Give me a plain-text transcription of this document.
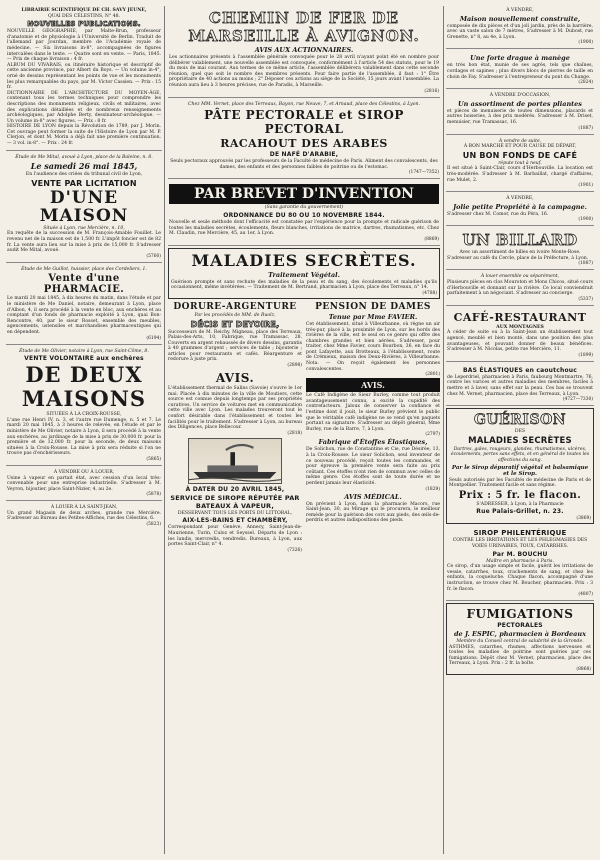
LIBRAIRIE SCIENTIFIQUE DE CH. SAVY JEUNE,

QUAI DES CÉLESTINS, N° 48.

NOUVELLES PUBLICATIONS.

NOUVELLE GÉOGRAPHIE, par Malte-Brun, professeur d'anatomie et de physiologie à l'Université de Berlin. Traduit de l'allemand par Jourdan, membre de l'Académie royale de médecine. — Six livraisons in-8°, accompagnées de figures intercalées dans le texte. — Quatre sont en vente. — Paris, 1845. — Prix de chaque livraison : 4 fr.

ALBUM DU VIVARAIS, ou itinéraire historique et descriptif de cette ancienne province, par Albert du Boys. — Un volume in-4°, orné de dessins représentant les points de vue et les monuments les plus remarquables du pays, par M. Victor Cassien. — Prix : 15 fr.

DICTIONNAIRE DE L'ARCHITECTURE DU MOYEN-ÂGE, contenant tous les termes techniques pour comprendre les descriptions des monuments religieux, civils et militaires, avec des explications détaillées et de nombreux renseignements archéologiques, par Adolphe Berty, dessinateur-archéologue. — Un volume in-8° avec figures. — Prix : 8 fr.

HISTOIRE DE LYON depuis la Révolution de 1789, par J. Morin. Cet ouvrage peut former la suite de l'Histoire de Lyon par M. P. Clerjon, et dont M. Morin a déjà fait une première continuation. — 3 vol. in-8°. — Prix : 24 fr.

Étude de Me Mital, avoué à Lyon, place de la Baleine, n. 8.

Le samedi 26 mai 1845,

En l'audience des criées du tribunal civil de Lyon,

VENTE PAR LICITATION

D'UNE MAISON

Située à Lyon, rue Mercière, n. 10,

En requête de la succession de M. François-Amable Fouillet. Le revenu net de la maison est de 1,500 fr. L'impôt foncier est de 82 fr. La vente aura lieu sur la mise à prix de 15,000 fr. S'adresser audit Me Mital, avoué.

(5760)

Étude de Me Guillot, huissier, place des Cordeliers, 1.

Vente d'une PHARMACIE.

Le mardi 20 mai 1845, à dix heures du matin, dans l'étude et par le ministère de Me Daniel, notaire, demeurant à Lyon, place d'Albon, 4, il sera procédé à la vente en bloc, aux enchères et au comptant d'un fonds de pharmacie exploité à Lyon, quai Bon-Rencontre, 40, par le sieur Rosset, ensemble des meubles, agencements, ustensiles et marchandises pharmaceutiques qui en dépendent.

(6194)

Étude de Me Olivier, notaire à Lyon, rue Saint-Côme, 8.

VENTE VOLONTAIRE aux enchères

DE DEUX MAISONS

SITUÉES À LA CROIX-ROUSSE,

L'une rue Henri IV, n. 3, et l'autre rue Dumenge, n. 5 et 7. Le mardi 20 mai 1845, à 3 heures de relevée, en l'étude et par le ministère de Me Olivier, notaire à Lyon, il sera procédé à la vente aux enchères, au jardinage de la mise à prix de 30,000 fr. pour la première et de 12,000 fr. pour la seconde, de deux maisons situées à la Croix-Rousse. La mise à prix sera réduite si l'on ne trouve pas d'enchérisseurs.

(5865)

À VENDRE OU À LOUER,

Usine à vapeur en partait état, avec cession d'un local très-convenable pour une entreprise industrielle. S'adresser à M. Veyron, bijoutier, place Saint-Nizier, 4, au 2e.

(5878)

À LOUER À LA SAINT-JEAN,

Un grand Magasin de deux arches, grande rue Mercière. S'adresser au Bureau des Petites-Affiches, rue des Célestins, 6.

(5823)

CHEMIN DE FER DE MARSEILLE À AVIGNON.

AVIS AUX ACTIONNAIRES.

Les actionnaires présents à l'assemblée générale convoquée pour le 28 avril n'ayant point été en nombre pour délibérer valablement, une nouvelle assemblée est convoquée, conformément à l'article 54 des statuts, pour le 19 du mois de mai courant. Aux termes de ce même article, l'assemblée délibérera valablement dans cette seconde réunion, quel que soit le nombre des membres présents. Pour faire partie de l'assemblée, il faut : 1° Être propriétaire de 40 actions au moins ; 2° Déposer ces actions au siège de la Société, 15 jours avant l'assemblée. La réunion aura lieu à 3 heures précises, rue de Paradis, à Marseille.

(2816)

Chez MM. Vernet, place des Terreaux, Bayon, rue Neuve, 7, et Arnaud, place des Célestins, à Lyon.

PÂTE PECTORALE et SIROP PECTORAL

RACAHOUT DES ARABES

DE NAFÉ D'ARABIE,

Seuls pectoraux approuvés par les professeurs de la Faculté de médecine de Paris. Aliment des convalescents, des dames, des enfants et des personnes faibles de poitrine ou de l'estomac.

(1747—7352)

PAR BREVET D'INVENTION

(Sans garantie du gouvernement)

ORDONNANCE DU 80 OU 10 NOVEMBRE 1844.

Nouvelle et seule méthode dont l'efficacité est constatée par l'expérience pour la prompte et radicale guérison de toutes les maladies secrètes, écoulements, fleurs blanches, irritations de matrice, dartres, rhumatismes, etc. Chez M. Claudin, rue Mercière, 45, au 1er, à Lyon.

(8869)

MALADIES SECRÈTES.

Traitement Végétal.

Guérison prompte et sans rechute des maladies de la peau et du sang, des écoulements et maladies qu'ils occasionnent, même invétérées. — Traitement de M. Bertrand, pharmacien à Lyon, place des Terreaux, n° 14.

(4788)

DORURE-ARGENTURE

Par les procédés de MM. de Ruolz,

DÉCIS ET DEYOIRE,

Successeurs de M. Reichy. Migneau, place des Terreaux, Palais-des-Arts, 10, Fabrique, rue Tramassac, 28. Couverts en argent rehaussés de divers dessins, garantis à 40 grammes d'argent ; services de table ; bijouterie ; articles pour restaurants et cafés. Réargenture et redorure à juste prix.

(2898)

AVIS.

L'établissement thermal de Salins (Savoie) s'ouvre le 1er mai. Placée à dix minutes de la ville de Moutiers, cette source est connue depuis longtemps par ses propriétés curatives. Un service de voitures met en communication cette ville avec Lyon. Les malades trouveront tout le confort désirable dans l'établissement et toutes les facilités pour le traitement. S'adresser à Lyon, au bureau des Diligences, place Bellecour.

(2818)

À DATER DU 20 AVRIL 1845,

SERVICE DE SIROPE RÉPUTÉE PAR BATEAUX À VAPEUR,

DESSERVANT TOUS LES PORTS DU LITTORAL,

AIX-LES-BAINS ET CHAMBÉRY,

Correspondant pour Genève, Annecy, Saint-Jean-de-Maurienne, Turin, Culoz et Seyssel. Départs de Lyon : les lundis, mercredis, vendredis. Bureaux, à Lyon, aux portes Saint-Clair, n° 4.

(7326)

PENSION DE DAMES

Tenue par Mme FAVIER.

Cet établissement, situé à Villeurbanne, où règne un air très-pur, placé à la proximité de Lyon, sur les bords des rivières de la ville, est le seul en ce genre qui offre des chambres grandes et bien aérées. S'adresser, pour traiter, chez Mme Favier, cours Bourbon, 36, en face du pont Lafayette, aux Brotteaux, à l'établissement, route de Crémieux, maison des Deux-Rivières, à Villeurbanne. Nota. — On reçoit également les personnes convalescentes.

(2801)

AVIS.

Le Café Indigène de Sieur Burley, comme tout produit avantageusement connu, a excité la cupidité des contrefacteurs. Jaloux de conserver la confiance et l'estime dont il jouit, le sieur Burley prévient le public que le véritable café indigène ne se vend qu'en paquets portant sa signature. S'adresser au dépôt général, Mme Burley, rue de la Barre, 7, à Lyon.

(2797)

Fabrique d'Étoffes Élastiques,

De Solichon, rue de Constantine et Cie, rue Désirée, 13, à la Croix-Rousse. Le sieur Solichon, seul inventeur de ce nouveau procédé, reçoit toutes les commandes, et pour épreuve la première vente sera faite au prix coûtant. Ces étoffes n'ont rien de commun avec celles de même genre. Ces étoffes sont de toute durée et ne perdent jamais leur élasticité.

(1829)

AVIS MÉDICAL.

On prévient à Lyon, dans la pharmacie Macors, rue Saint-Jean, 30, au Mirage qui le procurera, le meilleur remède pour la guérison des cors aux pieds, des œils-de-perdrix et autres indispositions des pieds.

À VENDRE,

Maison nouvellement construite,

composée de dix pièces et d'un joli jardin, près de la barrière, avec un vaste salon de 7 mètres, S'adresser à M. Dubost, rue Grenette, n° 8, au 4e, à Lyon.

(1900)

Une forte drague à manège

en très bon état, munie de ses agrès, tels que chaînes, cordages et sapines ; plus divers blocs de pierres de taille en choin de Fay. S'adresser à l'entrepreneur du pont du Change.

(2824)

À VENDRE D'OCCASION,

Un assortiment de portes pliantes

et pièces de menuiserie de toutes dimensions, placards et autres boiseries, à des prix modérés. S'adresser à M. Driset, menuisier, rue Tramassac, 16.

(1887)

À vendre de suite,

À BON MARCHÉ ET POUR CAUSE DE DÉPART,

UN BON FONDS DE CAFÉ

répute tout à neuf.

Il est situé à Saint-Clair, cours d'Herbouville. La location est très-modérée. S'adresser à M. Barbaillat, chargé d'affaires, rue Mulet, 2.

(1901)

À VENDRE,

Jolie petite Propriété à la campagne.

S'adresser chez M. Comor, rue du Péra, 16.

(1900)

UN BILLARD

Avec un assortiment de billes en ivoire Monte-Rose.

S'adresser au café du Cercle, place de la Préfecture, à Lyon.

(1887)

À louer ensemble ou séparément,

Plusieurs pièces en clos Mouroton et Mons Chicos, situé cours d'Herbouville et donnant sur la rivière. Ce local conviendrait parfaitement à un négociant. S'adresser au concierge.

(5337)

CAFÉ-RESTAURANT

AUX MONTAGNES

À céder de suite ou à la Saint-Jean un établissement tout agencé, meublé et bien monté, dans une position des plus avantageuses, et pouvant donner de beaux bénéfices. S'adresser à M. Nicolas, petite rue Mercière, 11.

(1899)

BAS ÉLASTIQUES en caoutchouc

de Leperdriel, pharmacien à Paris, faubourg Montmartre, 76, contre les varices et autres maladies des membres, faciles à mettre et à laver, sans effet sur la peau. Ces bas se trouvent chez M. Vernet, pharmacien, place des Terreaux, à Lyon.

(4727—7330)

GUÉRISON

DES

MALADIES SECRÈTES

Dartres, gales, rougeurs, glandes, rhumatismes, ulcères, écoulements, pertes sans effets, et en général de toutes les affections du sang.

Par le Sirop dépuratif végétal et balsamique et le Sirop.

Seuls autorisés par les Facultés de médecine de Paris et de Montpellier. Traitement facile et sans régime.

Prix : 5 fr. le flacon.

S'ADRESSER, à Lyon, à la Pharmacie

Rue Palais-Grillet, n. 23.

(3869)

SIROP PHILENTÉRIQUE

CONTRE LES IRRITATIONS ET LES PHLEGMASIES DES VOIES URINAIRES, TOUX, CATARRHES.

Par M. BOUCHU

Maître en pharmacie à Paris.

Ce sirop, d'un usage simple et facile, guérit les irritations de vessie, catarrhes, toux, crachements de sang, et chez les enfants, la coqueluche. Chaque flacon, accompagné d'une instruction, se trouve chez M. Boucher, pharmacien. Prix : 3 fr. le flacon.

(4807)

FUMIGATIONS

PECTORALES

de J. ESPIC, pharmacien à Bordeaux

Membre du Conseil central de salubrité de la Gironde.

ASTHMES, catarrhes, rhumes, affections nerveuses et toutes les maladies de poitrine sont guéries par ces fumigations. Dépôt chez M. Vernet, pharmacien, place des Terreaux, à Lyon. Prix : 2 fr. la boîte.

(8868)
